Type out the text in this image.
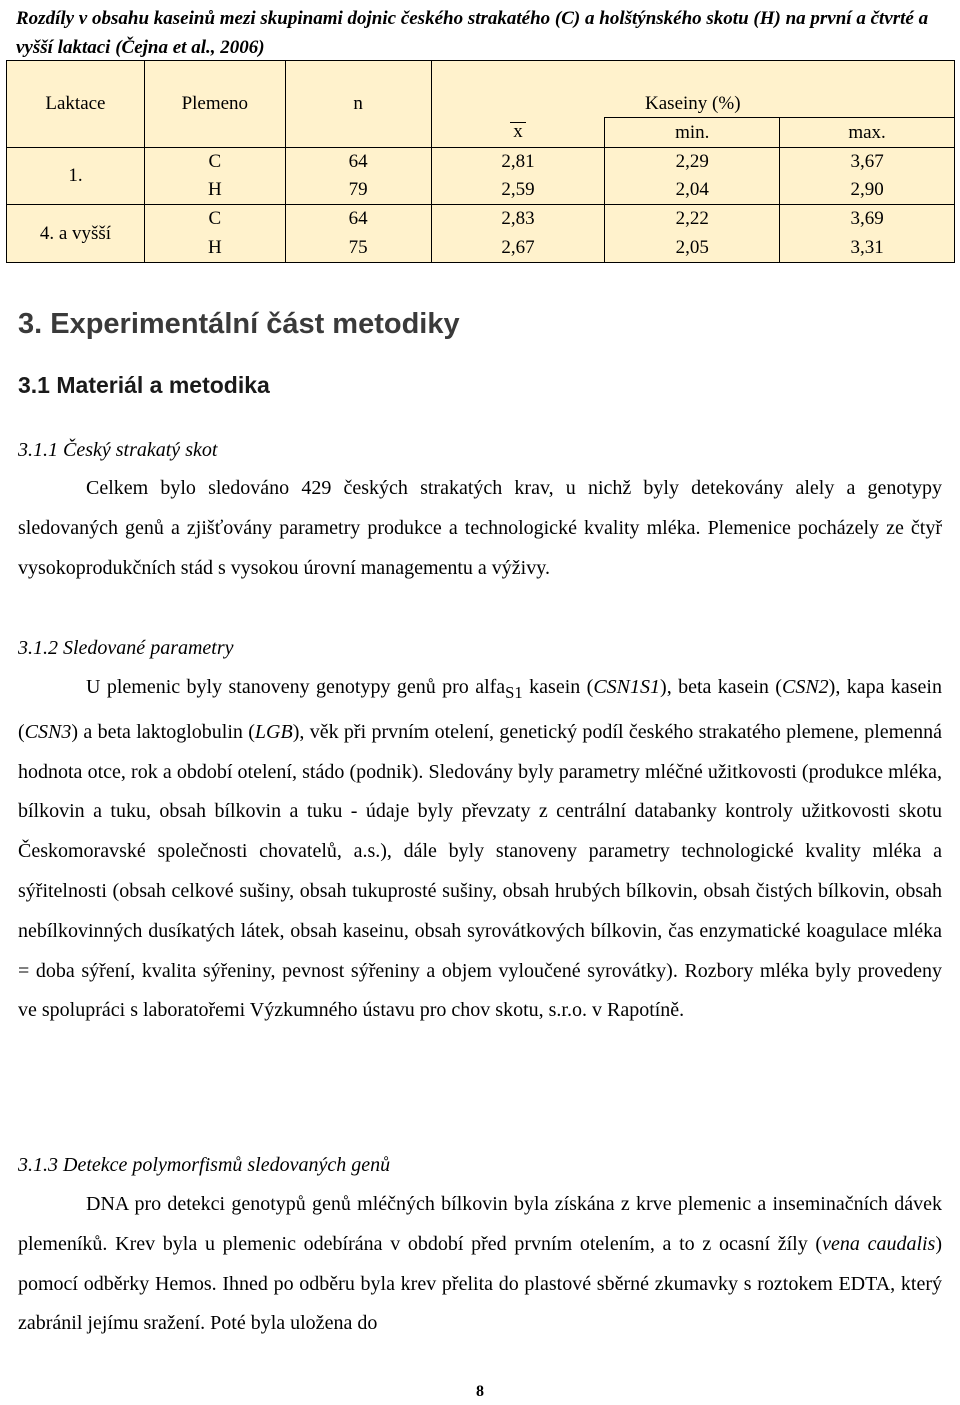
Rozdíly v obsahu kaseinů mezi skupinami dojnic českého strakatého (C) a holštýnského skotu (H) na první a čtvrté a vyšší laktaci (Čejna et al., 2006)
Laktace	Plemeno	n	Kaseiny (%)		
			x	min.	max.
1.	C	64	2,81	2,29	3,67
	H	79	2,59	2,04	2,90
4. a vyšší	C	64	2,83	2,22	3,69
	H	75	2,67	2,05	3,31
3. Experimentální část metodiky
3.1 Materiál a metodika
3.1.1 Český strakatý skot

Celkem bylo sledováno 429 českých strakatých krav, u nichž byly detekovány alely a genotypy sledovaných genů a zjišťovány parametry produkce a technologické kvality mléka. Plemenice pocházely ze čtyř vysokoprodukčních stád s vysokou úrovní managementu a výživy.

3.1.2 Sledované parametry

U plemenic byly stanoveny genotypy genů pro alfa$_{S1}$ kasein (CSN1S1), beta kasein (CSN2), kapa kasein (CSN3) a beta laktoglobulin (LGB), věk při prvním otelení, genetický podíl českého strakatého plemene, plemenná hodnota otce, rok a období otelení, stádo (podnik). Sledovány byly parametry mléčné užitkovosti (produkce mléka, bílkovin a tuku, obsah bílkovin a tuku - údaje byly převzaty z centrální databanky kontroly užitkovosti skotu Českomoravské společnosti chovatelů, a.s.), dále byly stanoveny parametry technologické kvality mléka a sýřitelnosti (obsah celkové sušiny, obsah tukuprosté sušiny, obsah hrubých bílkovin, obsah čistých bílkovin, obsah nebílkovinných dusíkatých látek, obsah kaseinu, obsah syrovátkových bílkovin, čas enzymatické koagulace mléka = doba sýření, kvalita sýřeniny, pevnost sýřeniny a objem vyloučené syrovátky). Rozbory mléka byly provedeny ve spolupráci s laboratořemi Výzkumného ústavu pro chov skotu, s.r.o. v Rapotíně.

3.1.3 Detekce polymorfismů sledovaných genů

DNA pro detekci genotypů genů mléčných bílkovin byla získána z krve plemenic a inseminačních dávek plemeníků. Krev byla u plemenic odebírána v období před prvním otelením, a to z ocasní žíly (vena caudalis) pomocí odběrky Hemos. Ihned po odběru byla krev přelita do plastové sběrné zkumavky s roztokem EDTA, který zabránil jejímu sražení. Poté byla uložena do

8
